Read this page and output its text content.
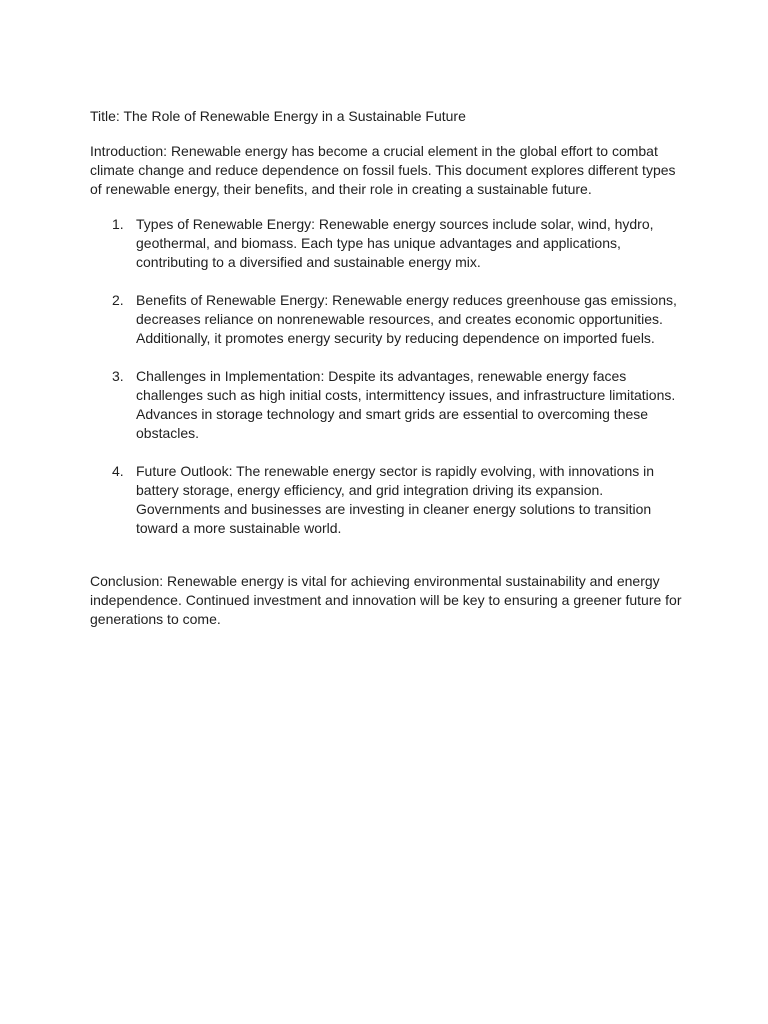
Title: The Role of Renewable Energy in a Sustainable Future

Introduction: Renewable energy has become a crucial element in the global effort to combat climate change and reduce dependence on fossil fuels. This document explores different types of renewable energy, their benefits, and their role in creating a sustainable future.

1. Types of Renewable Energy: Renewable energy sources include solar, wind, hydro, geothermal, and biomass. Each type has unique advantages and applications, contributing to a diversified and sustainable energy mix.
2. Benefits of Renewable Energy: Renewable energy reduces greenhouse gas emissions, decreases reliance on nonrenewable resources, and creates economic opportunities. Additionally, it promotes energy security by reducing dependence on imported fuels.
3. Challenges in Implementation: Despite its advantages, renewable energy faces challenges such as high initial costs, intermittency issues, and infrastructure limitations. Advances in storage technology and smart grids are essential to overcoming these obstacles.
4. Future Outlook: The renewable energy sector is rapidly evolving, with innovations in battery storage, energy efficiency, and grid integration driving its expansion. Governments and businesses are investing in cleaner energy solutions to transition toward a more sustainable world.

Conclusion: Renewable energy is vital for achieving environmental sustainability and energy independence. Continued investment and innovation will be key to ensuring a greener future for generations to come.
